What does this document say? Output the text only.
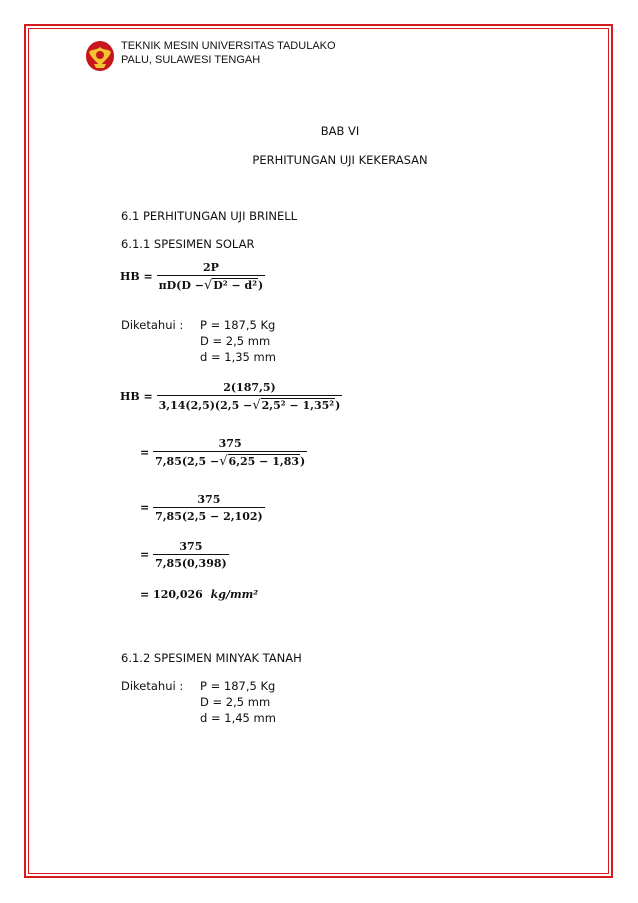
TEKNIK MESIN UNIVERSITAS TADULAKO
PALU, SULAWESI TENGAH
BAB VI
PERHITUNGAN UJI KEKERASAN
6.1 PERHITUNGAN UJI BRINELL
6.1.1 SPESIMEN SOLAR
HB = $\frac{2P}{\text{πD(D −√D² − d²)}}$
Diketahui : P = 187,5 Kg
D = 2,5 mm
d = 1,35 mm
HB = $\frac{2(187,5)}{\text{3,14(2,5)(2,5 −√2,5² − 1,35²)}}$
= $\frac{375}{7,85(2,5 -√6,25 - 1,83)}$
= $\frac{375}{7,85(2,5 - 2,102)}$
= $\frac{375}{7,85(0,398)}$
= 120,026 kg/mm²
6.1.2 SPESIMEN MINYAK TANAH
Diketahui : P = 187,5 Kg
D = 2,5 mm
d = 1,45 mm
